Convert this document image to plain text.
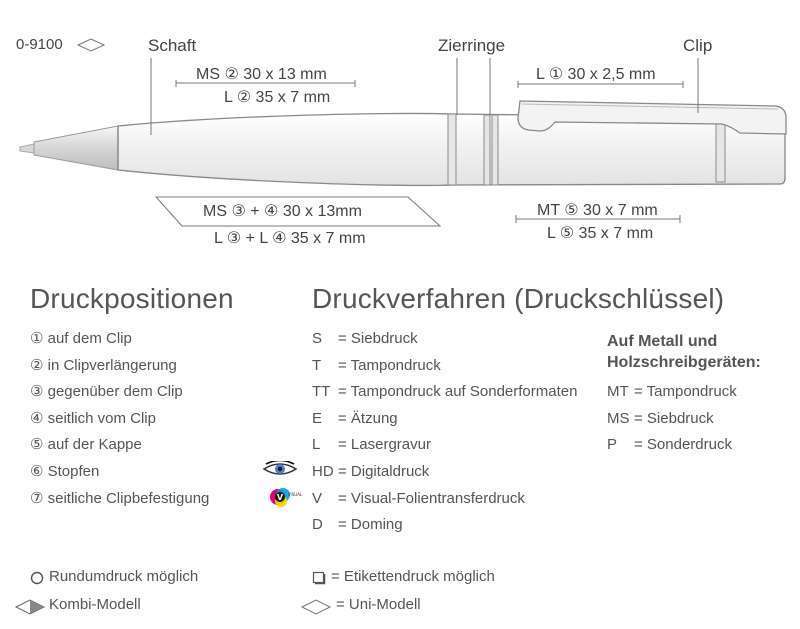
0-9100	Schaft	Zierringe	Clip
MS ② 30 x 13 mm
L ② 35 x 7 mm
L ① 30 x 2,5 mm
MS ③ + ④ 30 x 13mm
L ③ + L ④ 35 x 7 mm
MT ⑤ 30 x 7 mm
L ⑤ 35 x 7 mm
Druckpositionen
① auf dem Clip
② in Clipverlängerung
③ gegenüber dem Clip
④ seitlich vom Clip
⑤ auf der Kappe
⑥ Stopfen
⑦ seitliche Clipbefestigung
Druckverfahren (Druckschlüssel)
S = Siebdruck
T = Tampondruck
TT = Tampondruck auf Sonderformaten
E = Ätzung
L = Lasergravur
HD = Digitaldruck
V = Visual-Folientransferdruck
D = Doming
V VISUAL
Auf Metall und
Holzschreibgeräten:
MT = Tampondruck
MS = Siebdruck
P = Sonderdruck
Rundumdruck möglich	= Etikettendruck möglich
Kombi-Modell	= Uni-Modell
